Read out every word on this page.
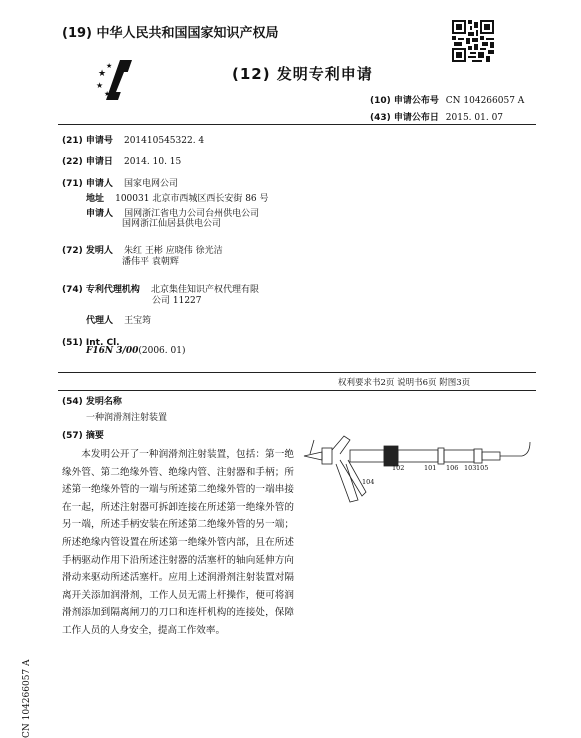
★
★
★
★
(19) 中华人民共和国国家知识产权局
(12) 发明专利申请
(10) 申请公布号 CN 104266057 A
(43) 申请公布日 2015. 01. 07
(21) 申请号 201410545322. 4
(22) 申请日 2014. 10. 15
(71) 申请人 国家电网公司
地址 100031 北京市西城区西长安街 86 号
申请人 国网浙江省电力公司台州供电公司
国网浙江仙居县供电公司
(72) 发明人 朱红 王彬 应晓伟 徐光洁
潘伟平 袁朝辉
(74) 专利代理机构 北京集佳知识产权代理有限
公司 11227
代理人 王宝筠
(51) Int. Cl.
F16N 3/00(2006. 01)
权利要求书2页 说明书6页 附图3页
(54) 发明名称
一种润滑剂注射装置
(57) 摘要
本发明公开了一种润滑剂注射装置，包括：第一绝缘外管、第二绝缘外管、绝缘内管、注射器和手柄；所述第一绝缘外管的一端与所述第二绝缘外管的一端串接在一起，所述注射器可拆卸连接在所述第一绝缘外管的另一端，所述手柄安装在所述第二绝缘外管的另一端；所述绝缘内管设置在所述第一绝缘外管内部，且在所述手柄驱动作用下沿所述注射器的活塞杆的轴向延伸方向滑动来驱动所述活塞杆。应用上述润滑剂注射装置对隔离开关添加润滑剂，工作人员无需上杆操作，便可将润滑剂添加到隔离闸刀的刀口和连杆机构的连接处，保障工作人员的人身安全，提高工作效率。
102	101 106 103 105
104
CN 104266057 A
